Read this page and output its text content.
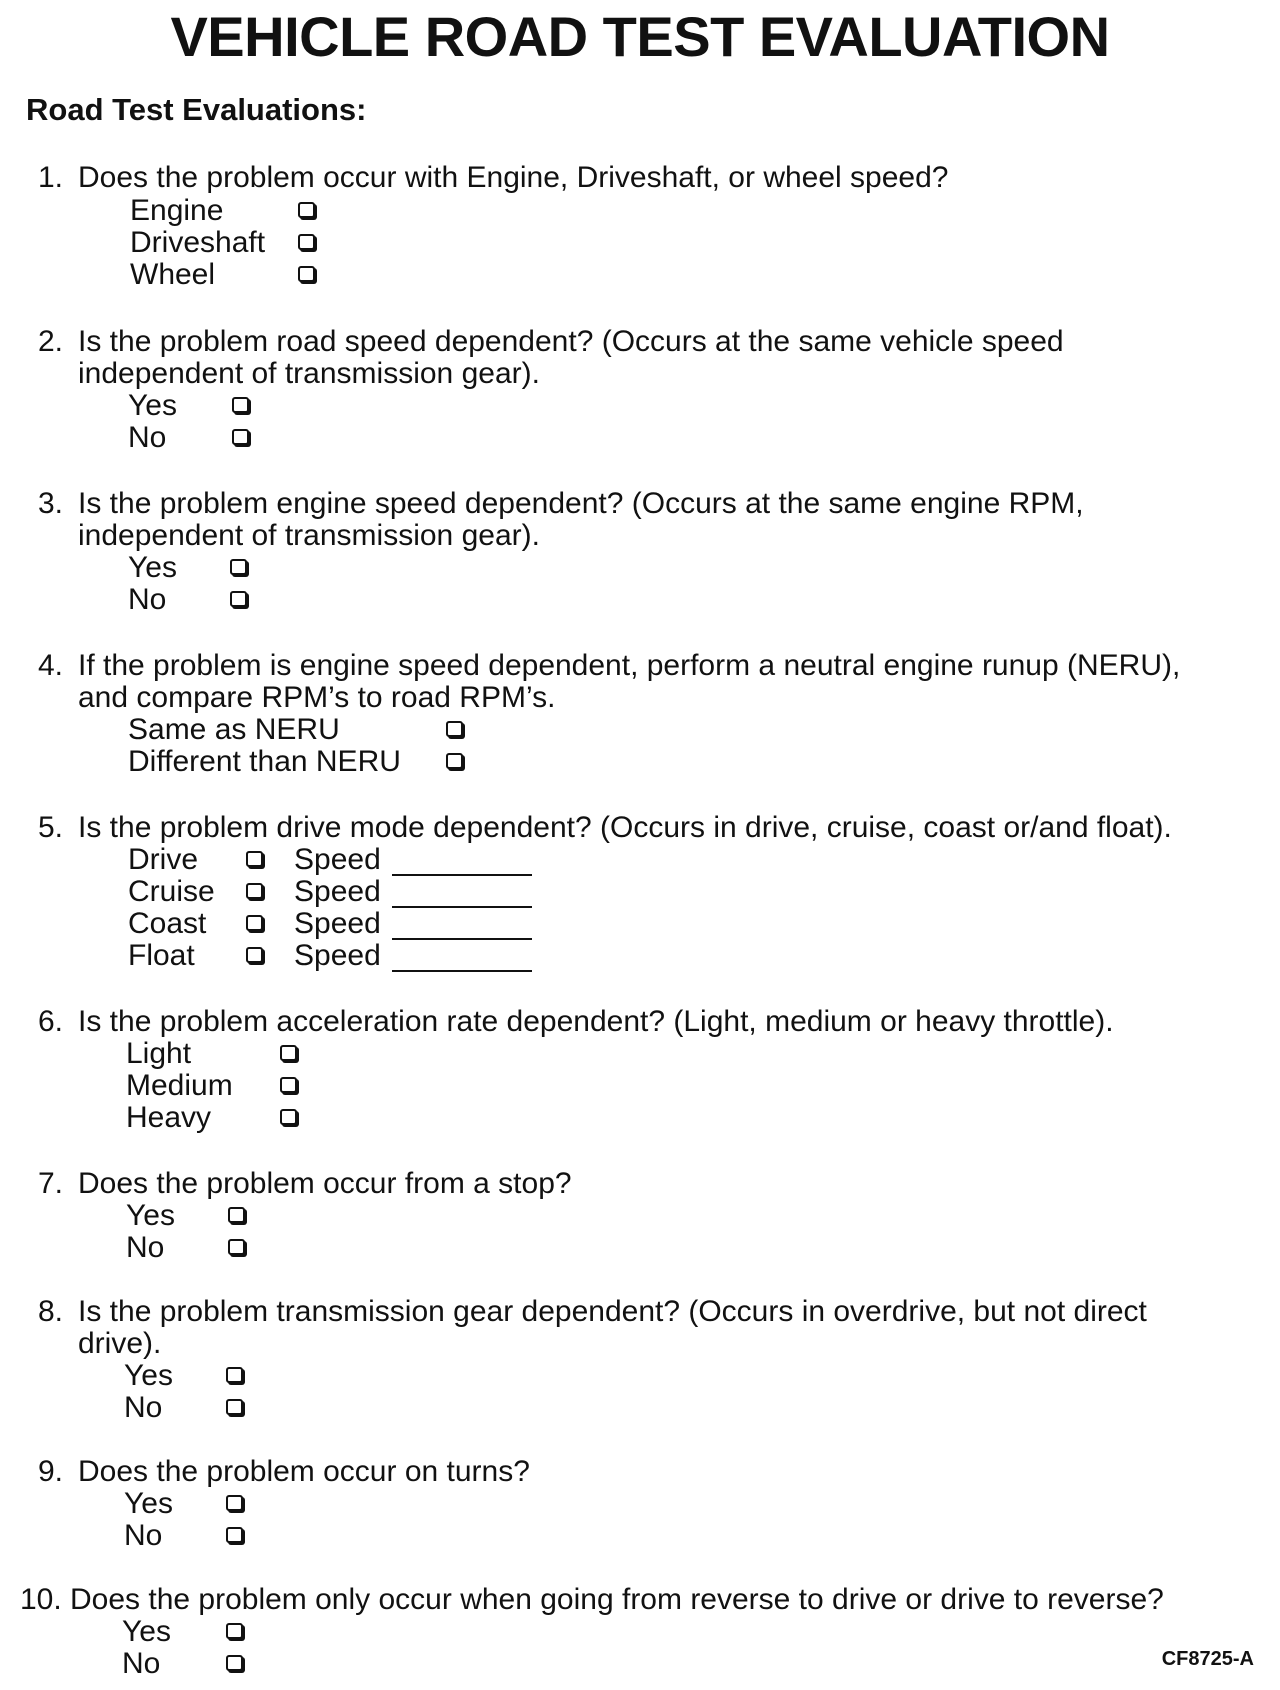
VEHICLE ROAD TEST EVALUATION
Road Test Evaluations:
1. Does the problem occur with Engine, Driveshaft, or wheel speed?
Engine
Driveshaft
Wheel
2. Is the problem road speed dependent? (Occurs at the same vehicle speed independent of transmission gear).
Yes
No
3. Is the problem engine speed dependent? (Occurs at the same engine RPM, independent of transmission gear).
Yes
No
4. If the problem is engine speed dependent, perform a neutral engine runup (NERU), and compare RPM’s to road RPM’s.
Same as NERU
Different than NERU
5. Is the problem drive mode dependent? (Occurs in drive, cruise, coast or/and float).
Drive	Speed
Cruise	Speed
Coast	Speed
Float	Speed
6. Is the problem acceleration rate dependent? (Light, medium or heavy throttle).
Light
Medium
Heavy
7. Does the problem occur from a stop?
Yes
No
8. Is the problem transmission gear dependent? (Occurs in overdrive, but not direct drive).
Yes
No
9. Does the problem occur on turns?
Yes
No
10. Does the problem only occur when going from reverse to drive or drive to reverse?
Yes
No	CF8725-A
